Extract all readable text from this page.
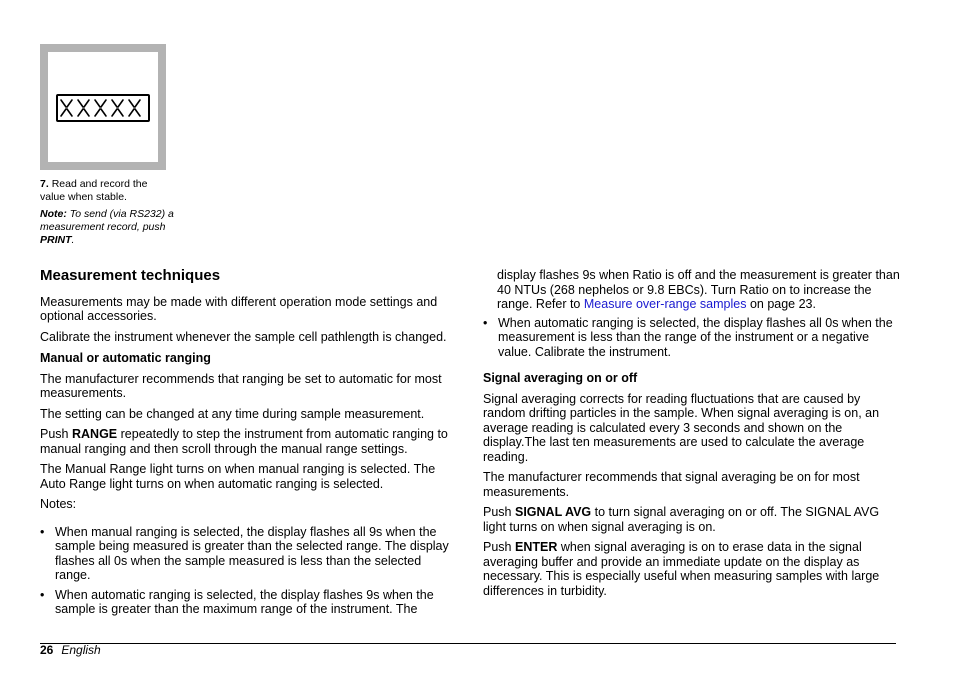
7. Read and record the value when stable.
Note: To send (via RS232) a measurement record, push PRINT.
Measurement techniques

Measurements may be made with different operation mode settings and optional accessories.

Calibrate the instrument whenever the sample cell pathlength is changed.

Manual or automatic ranging

The manufacturer recommends that ranging be set to automatic for most measurements.

The setting can be changed at any time during sample measurement.

Push RANGE repeatedly to step the instrument from automatic ranging to manual ranging and then scroll through the manual range settings.

The Manual Range light turns on when manual ranging is selected. The Auto Range light turns on when automatic ranging is selected.

Notes:

• When manual ranging is selected, the display flashes all 9s when the sample being measured is greater than the selected range. The display flashes all 0s when the sample measured is less than the selected range.
• When automatic ranging is selected, the display flashes 9s when the sample is greater than the maximum range of the instrument. The

display flashes 9s when Ratio is off and the measurement is greater than 40 NTUs (268 nephelos or 9.8 EBCs). Turn Ratio on to increase the range. Refer to Measure over-range samples on page 23.

• When automatic ranging is selected, the display flashes all 0s when the measurement is less than the range of the instrument or a negative value. Calibrate the instrument.
Signal averaging on or off

Signal averaging corrects for reading fluctuations that are caused by random drifting particles in the sample. When signal averaging is on, an average reading is calculated every 3 seconds and shown on the display.The last ten measurements are used to calculate the average reading.

The manufacturer recommends that signal averaging be on for most measurements.

Push SIGNAL AVG to turn signal averaging on or off. The SIGNAL AVG light turns on when signal averaging is on.

Push ENTER when signal averaging is on to erase data in the signal averaging buffer and provide an immediate update on the display as necessary. This is especially useful when measuring samples with large differences in turbidity.

26 English
